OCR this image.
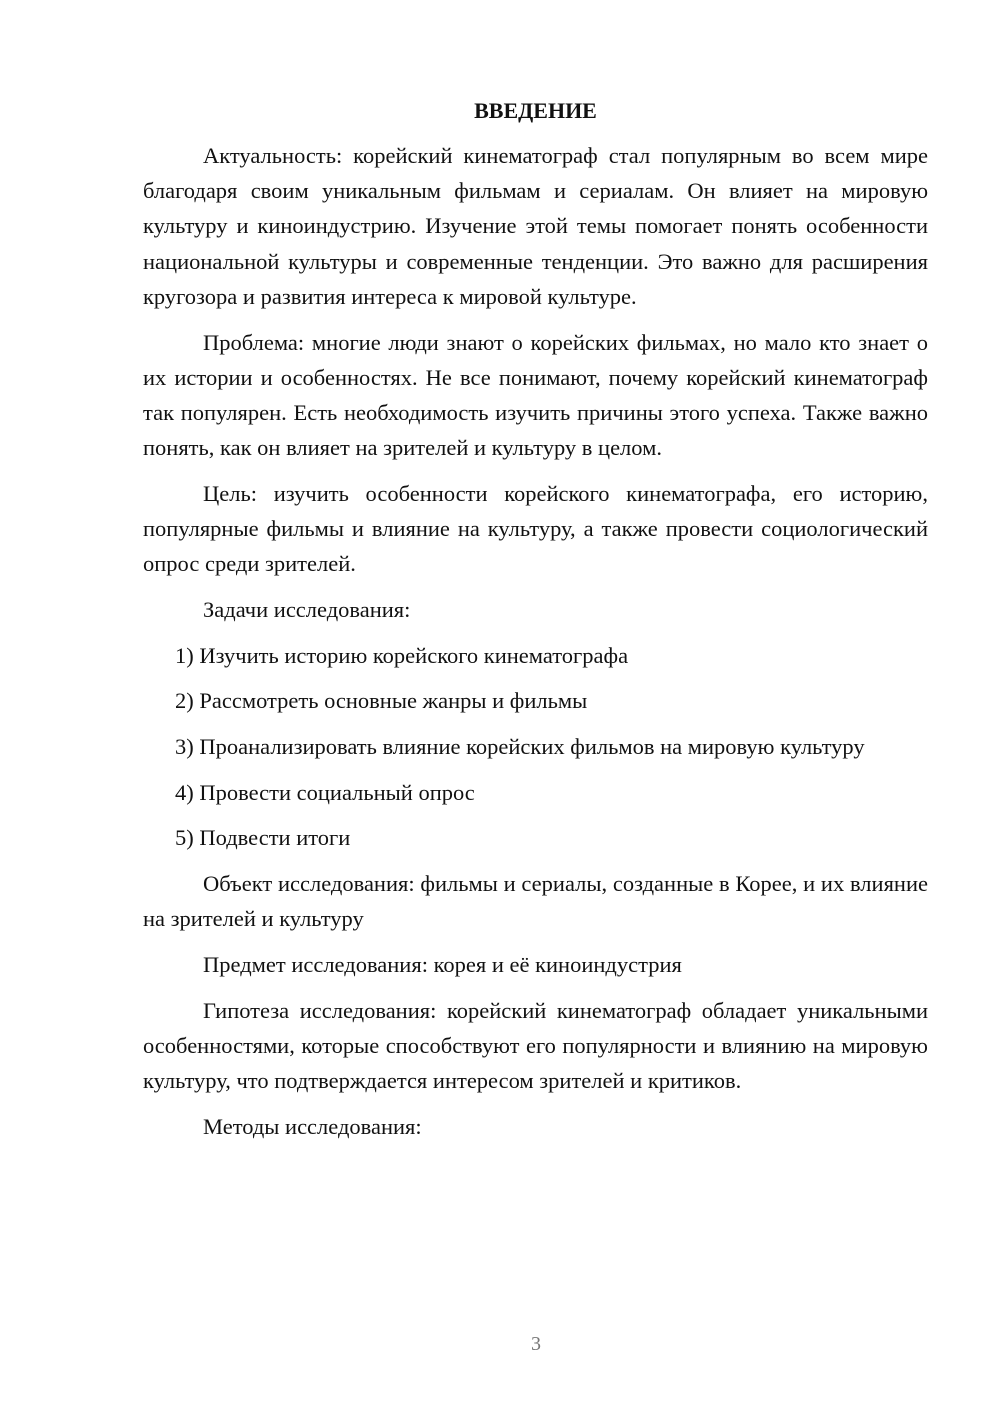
ВВЕДЕНИЕ

Актуальность: корейский кинематограф стал популярным во всем мире благодаря своим уникальным фильмам и сериалам. Он влияет на мировую культуру и киноиндустрию. Изучение этой темы помогает понять особенности национальной культуры и современные тенденции. Это важно для расширения кругозора и развития интереса к мировой культуре.

Проблема: многие люди знают о корейских фильмах, но мало кто знает о их истории и особенностях. Не все понимают, почему корейский кинематограф так популярен. Есть необходимость изучить причины этого успеха. Также важно понять, как он влияет на зрителей и культуру в целом.

Цель: изучить особенности корейского кинематографа, его историю, популярные фильмы и влияние на культуру, а также провести социологический опрос среди зрителей.

Задачи исследования:

1) Изучить историю корейского кинематографа

2) Рассмотреть основные жанры и фильмы

3) Проанализировать влияние корейских фильмов на мировую культуру

4) Провести социальный опрос

5) Подвести итоги

Объект исследования: фильмы и сериалы, созданные в Корее, и их влияние на зрителей и культуру

Предмет исследования: корея и её киноиндустрия

Гипотеза исследования: корейский кинематограф обладает уникальными особенностями, которые способствуют его популярности и влиянию на мировую культуру, что подтверждается интересом зрителей и критиков.

Методы исследования:

3
